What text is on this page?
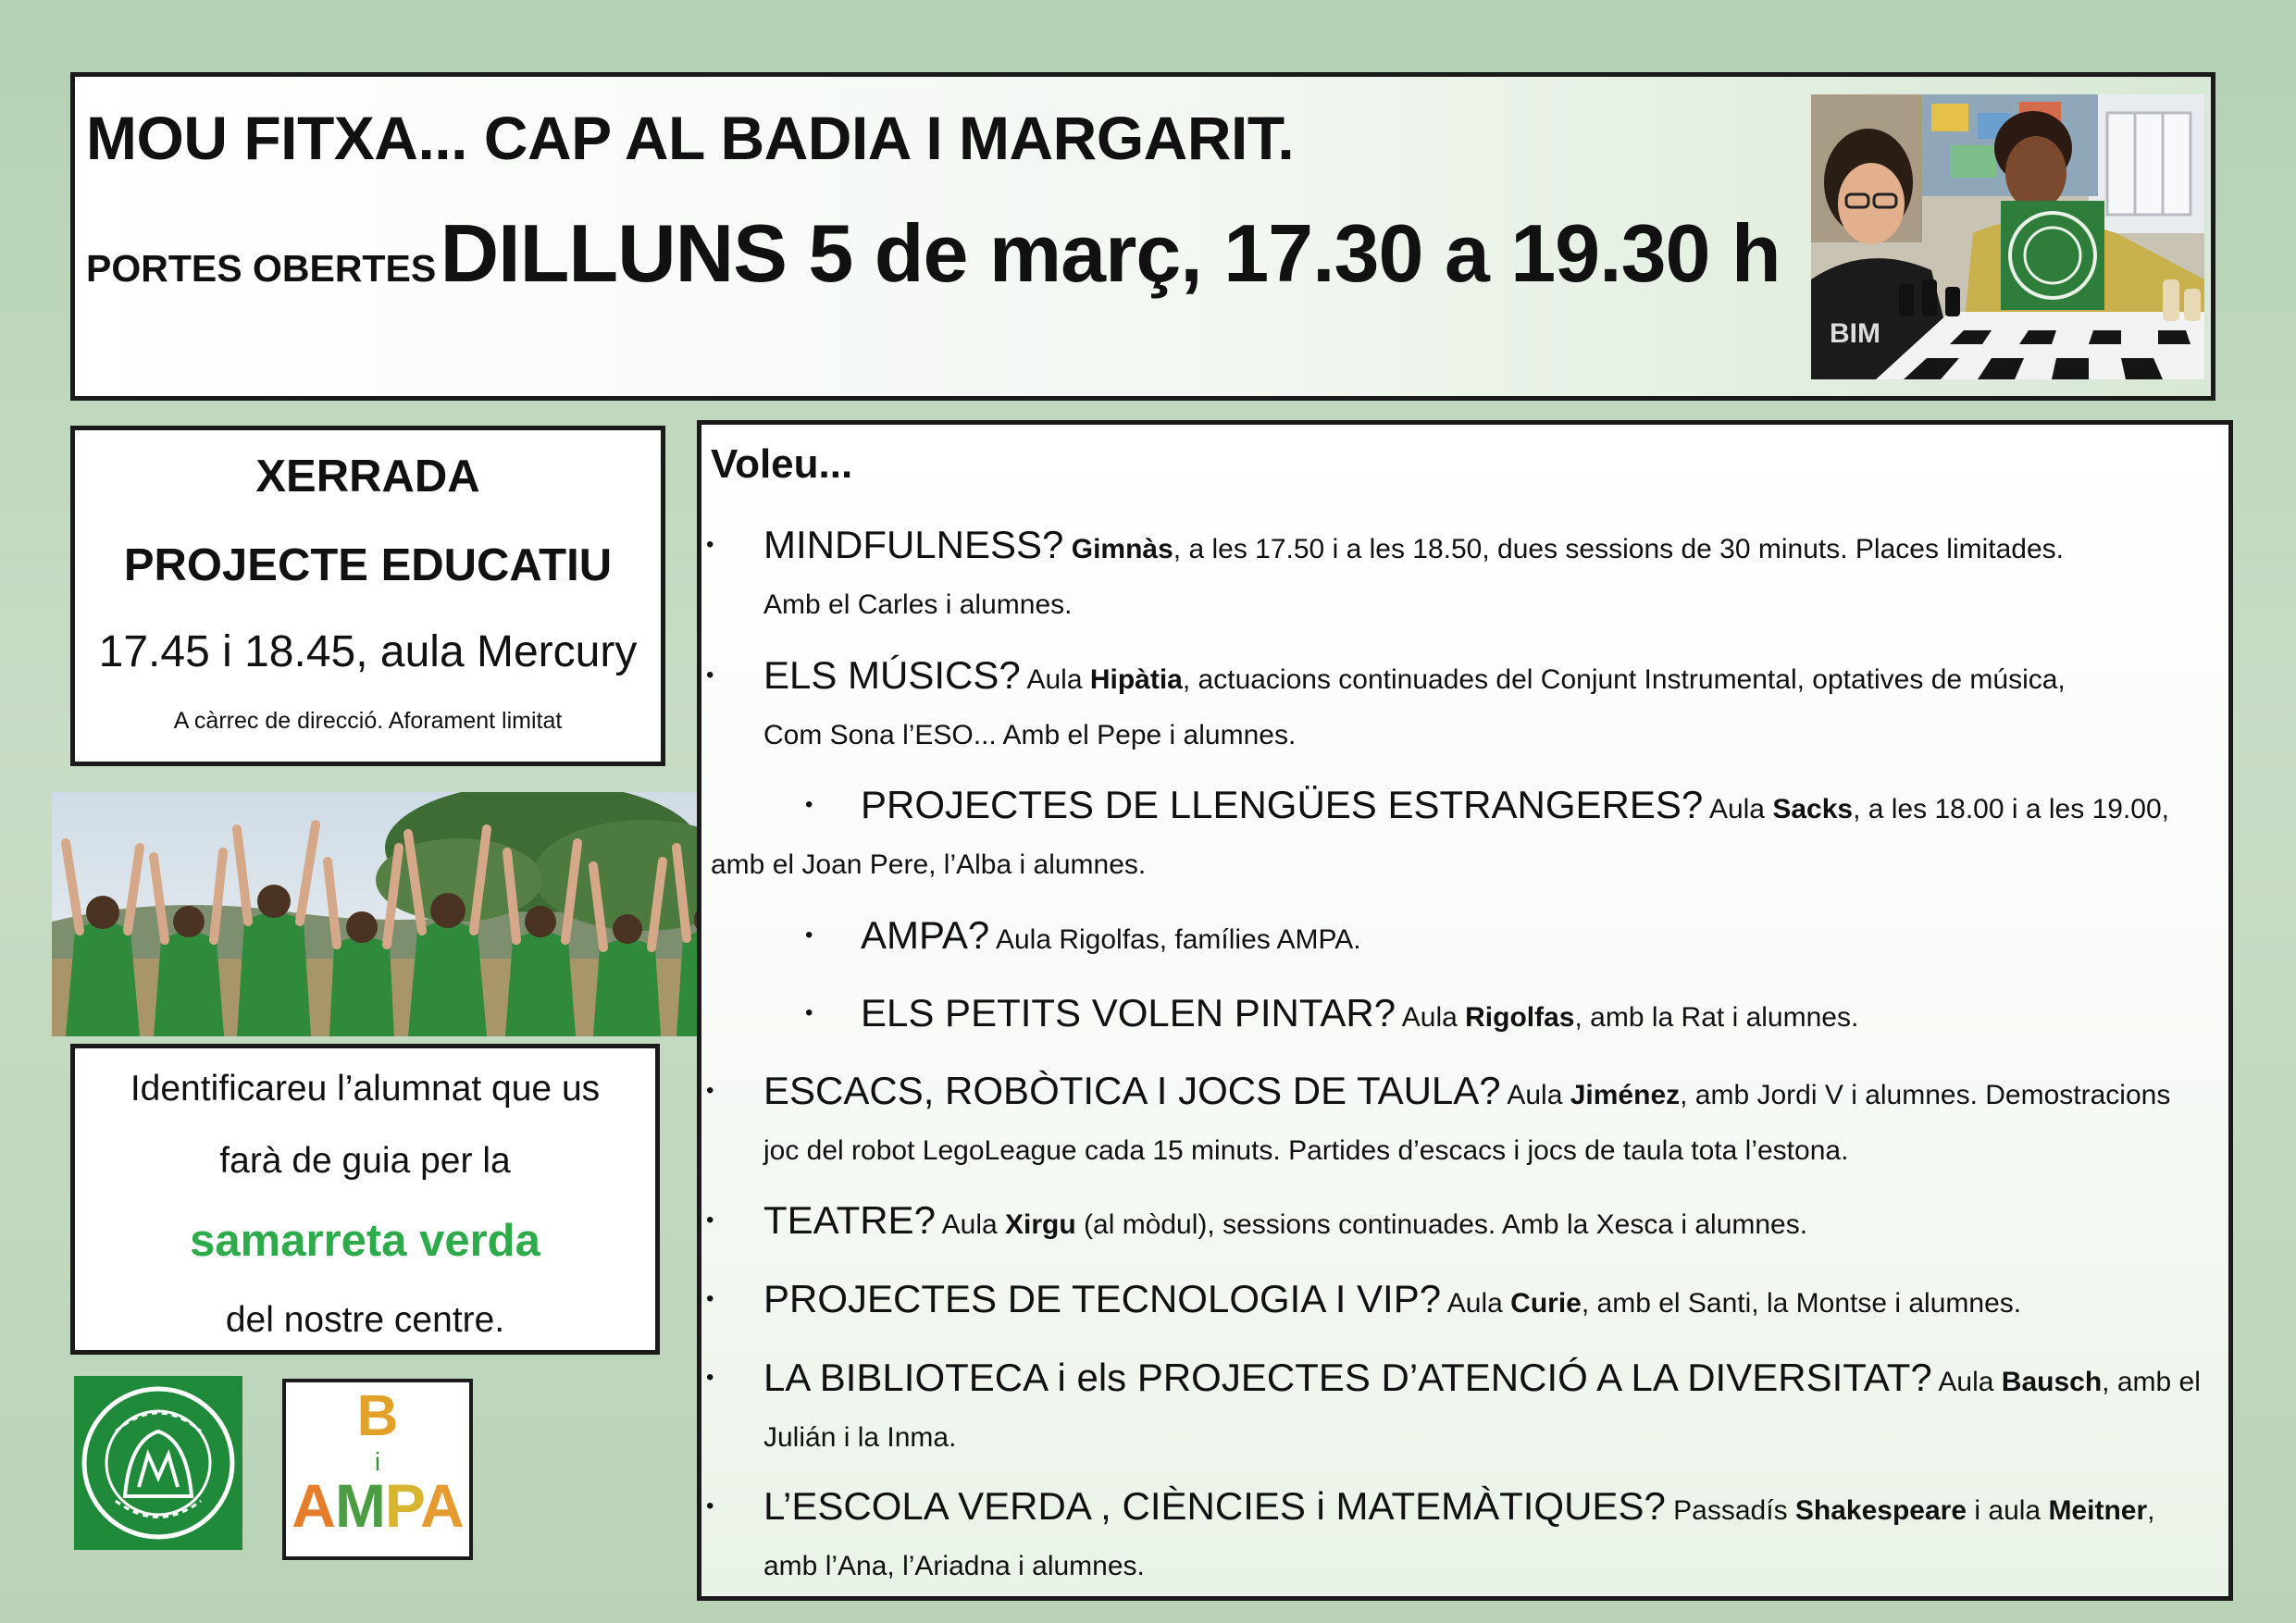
MOU FITXA... CAP AL BADIA I MARGARIT.
PORTES OBERTES DILLUNS 5 de març, 17.30 a 19.30 h
BIM
XERRADA
PROJECTE EDUCATIU
17.45 i 18.45, aula Mercury
A càrrec de direcció. Aforament limitat
Identificareu l’alumnat que us
farà de guia per la
samarreta verda
del nostre centre.
B
i
AMPA
Voleu...
• MINDFULNESS? Gimnàs, a les 17.50 i a les 18.50, dues sessions de 30 minuts. Places limitades.
Amb el Carles i alumnes.
• ELS MÚSICS? Aula Hipàtia, actuacions continuades del Conjunt Instrumental, optatives de música,
Com Sona l’ESO... Amb el Pepe i alumnes.
• PROJECTES DE LLENGÜES ESTRANGERES? Aula Sacks, a les 18.00 i a les 19.00,
amb el Joan Pere, l’Alba i alumnes.
• AMPA? Aula Rigolfas, famílies AMPA.
• ELS PETITS VOLEN PINTAR? Aula Rigolfas, amb la Rat i alumnes.
• ESCACS, ROBÒTICA I JOCS DE TAULA? Aula Jiménez, amb Jordi V i alumnes. Demostracions
joc del robot LegoLeague cada 15 minuts. Partides d’escacs i jocs de taula tota l’estona.
• TEATRE? Aula Xirgu (al mòdul), sessions continuades. Amb la Xesca i alumnes.
• PROJECTES DE TECNOLOGIA I VIP? Aula Curie, amb el Santi, la Montse i alumnes.
• LA BIBLIOTECA i els PROJECTES D’ATENCIÓ A LA DIVERSITAT? Aula Bausch, amb el
Julián i la Inma.
• L’ESCOLA VERDA , CIÈNCIES i MATEMÀTIQUES? Passadís Shakespeare i aula Meitner,
amb l’Ana, l’Ariadna i alumnes.
